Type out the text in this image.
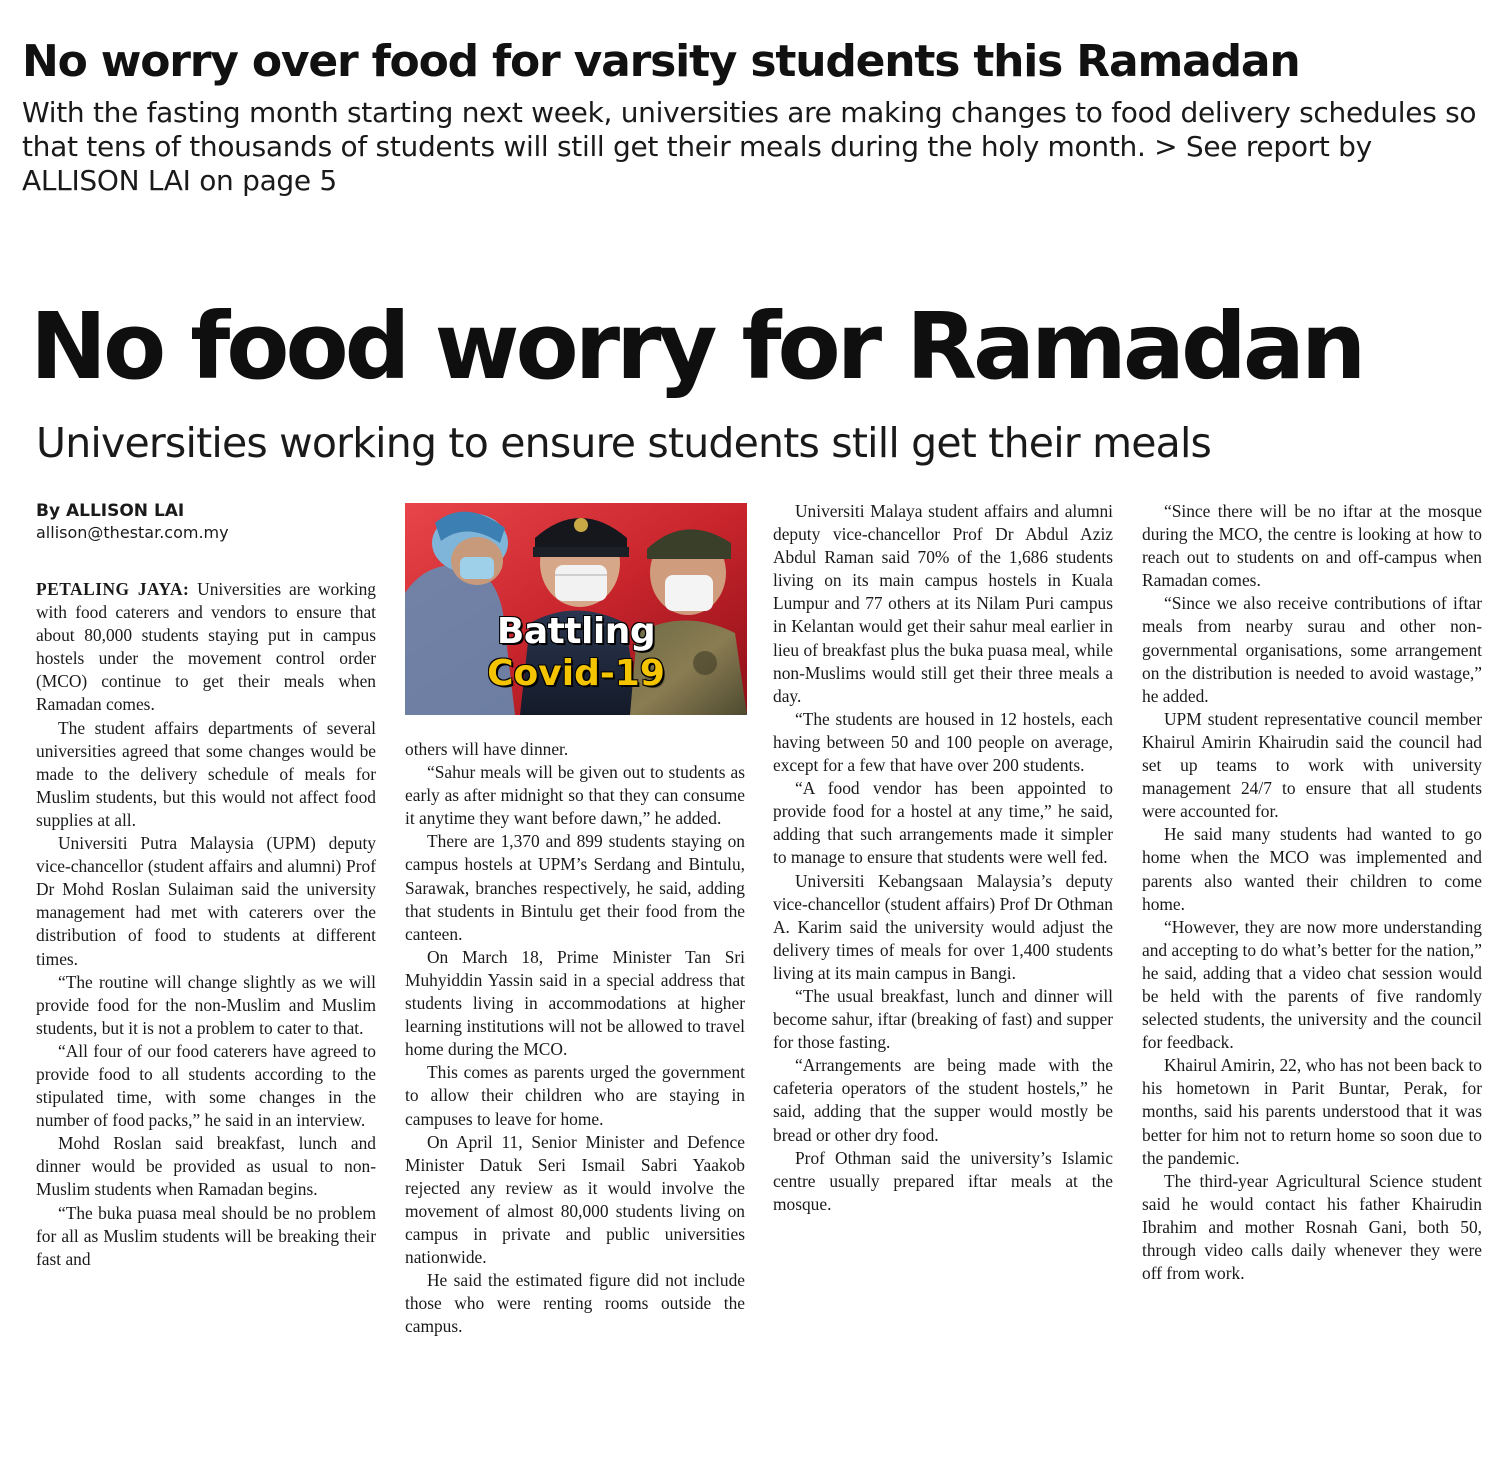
No worry over food for varsity students this Ramadan

With the fasting month starting next week, universities are making changes to food delivery schedules so that tens of thousands of students will still get their meals during the holy month. > See report by ALLISON LAI on page 5

No food worry for Ramadan
Universities working to ensure students still get their meals
Battling
Covid-19
By ALLISON LAI
allison@thestar.com.my

PETALING JAYA: Universities are working with food caterers and vendors to ensure that about 80,000 students staying put in campus hostels under the movement control order (MCO) continue to get their meals when Ramadan comes.

The student affairs departments of several universities agreed that some changes would be made to the delivery schedule of meals for Muslim students, but this would not affect food supplies at all.

Universiti Putra Malaysia (UPM) deputy vice-chancellor (student affairs and alumni) Prof Dr Mohd Roslan Sulaiman said the university management had met with caterers over the distribution of food to students at different times.

“The routine will change slightly as we will provide food for the non-Muslim and Muslim students, but it is not a problem to cater to that.

“All four of our food caterers have agreed to provide food to all students according to the stipulated time, with some changes in the number of food packs,” he said in an interview.

Mohd Roslan said breakfast, lunch and dinner would be provided as usual to non-Muslim students when Ramadan begins.

“The buka puasa meal should be no problem for all as Muslim students will be breaking their fast and

others will have dinner.

“Sahur meals will be given out to students as early as after midnight so that they can consume it anytime they want before dawn,” he added.

There are 1,370 and 899 students staying on campus hostels at UPM’s Serdang and Bintulu, Sarawak, branches respectively, he said, adding that students in Bintulu get their food from the canteen.

On March 18, Prime Minister Tan Sri Muhyiddin Yassin said in a special address that students living in accommodations at higher learning institutions will not be allowed to travel home during the MCO.

This comes as parents urged the government to allow their children who are staying in campuses to leave for home.

On April 11, Senior Minister and Defence Minister Datuk Seri Ismail Sabri Yaakob rejected any review as it would involve the movement of almost 80,000 students living on campus in private and public universities nationwide.

He said the estimated figure did not include those who were renting rooms outside the campus.

Universiti Malaya student affairs and alumni deputy vice-chancellor Prof Dr Abdul Aziz Abdul Raman said 70% of the 1,686 students living on its main campus hostels in Kuala Lumpur and 77 others at its Nilam Puri campus in Kelantan would get their sahur meal earlier in lieu of breakfast plus the buka puasa meal, while non-Muslims would still get their three meals a day.

“The students are housed in 12 hostels, each having between 50 and 100 people on average, except for a few that have over 200 students.

“A food vendor has been appointed to provide food for a hostel at any time,” he said, adding that such arrangements made it simpler to manage to ensure that students were well fed.

Universiti Kebangsaan Malaysia’s deputy vice-chancellor (student affairs) Prof Dr Othman A. Karim said the university would adjust the delivery times of meals for over 1,400 students living at its main campus in Bangi.

“The usual breakfast, lunch and dinner will become sahur, iftar (breaking of fast) and supper for those fasting.

“Arrangements are being made with the cafeteria operators of the student hostels,” he said, adding that the supper would mostly be bread or other dry food.

Prof Othman said the university’s Islamic centre usually prepared iftar meals at the mosque.

“Since there will be no iftar at the mosque during the MCO, the centre is looking at how to reach out to students on and off-campus when Ramadan comes.

“Since we also receive contributions of iftar meals from nearby surau and other non-governmental organisations, some arrangement on the distribution is needed to avoid wastage,” he added.

UPM student representative council member Khairul Amirin Khairudin said the council had set up teams to work with university management 24/7 to ensure that all students were accounted for.

He said many students had wanted to go home when the MCO was implemented and parents also wanted their children to come home.

“However, they are now more understanding and accepting to do what’s better for the nation,” he said, adding that a video chat session would be held with the parents of five randomly selected students, the university and the council for feedback.

Khairul Amirin, 22, who has not been back to his hometown in Parit Buntar, Perak, for months, said his parents understood that it was better for him not to return home so soon due to the pandemic.

The third-year Agricultural Science student said he would contact his father Khairudin Ibrahim and mother Rosnah Gani, both 50, through video calls daily whenever they were off from work.
